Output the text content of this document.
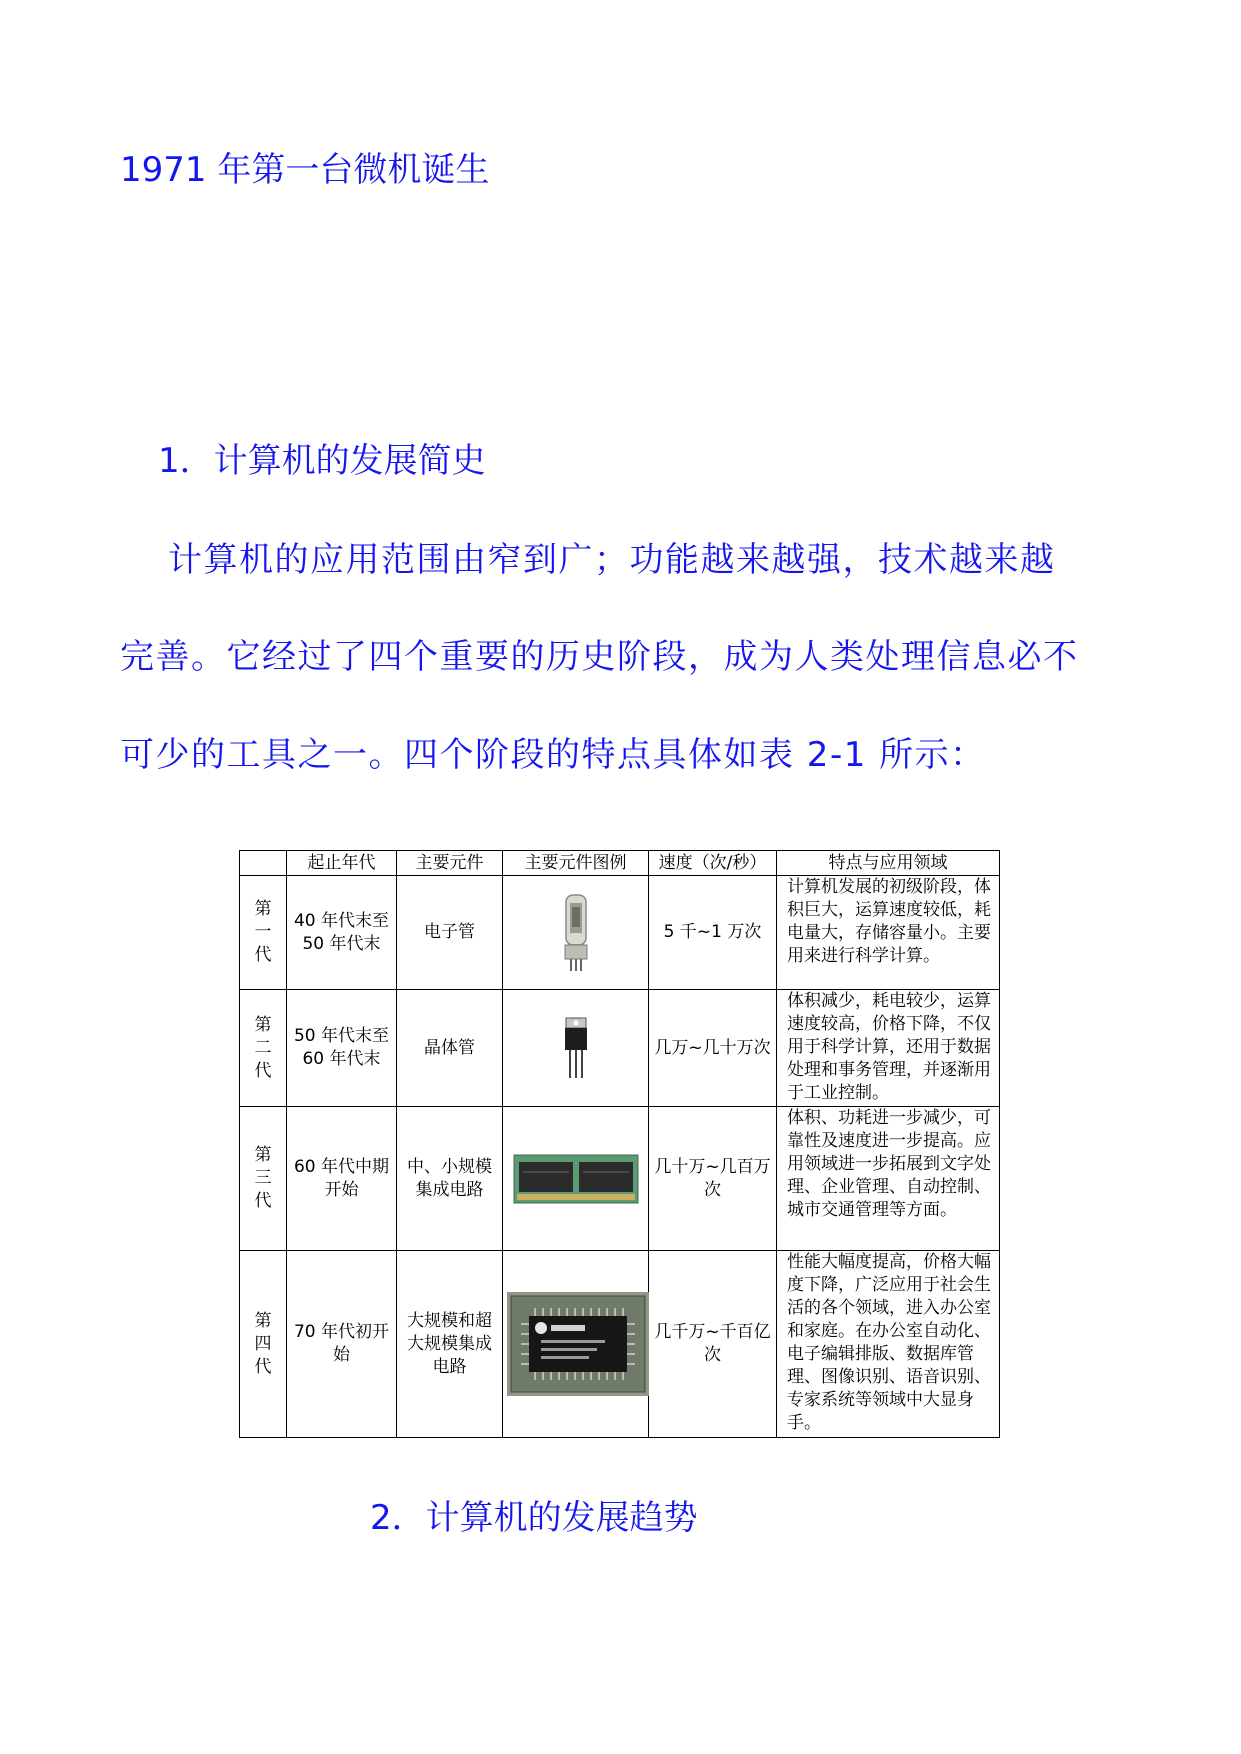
1971 年第一台微机诞生
1．计算机的发展简史
计算机的应用范围由窄到广；功能越来越强，技术越来越
完善。它经过了四个重要的历史阶段，成为人类处理信息必不
可少的工具之一。四个阶段的特点具体如表 2-1 所示：
	起止年代	主要元件	主要元件图例	速度（次/秒）	特点与应用领域

第一代	40 年代末至 50 年代末	电子管		5 千~1 万次	计算机发展的初级阶段，体积巨大，运算速度较低，耗电量大，存储容量小。主要用来进行科学计算。

第二代	50 年代末至 60 年代末	晶体管		几万~几十万次	体积减少，耗电较少，运算速度较高，价格下降，不仅用于科学计算，还用于数据处理和事务管理，并逐渐用于工业控制。

第三代	60 年代中期开始	中、小规模集成电路		几十万~几百万次	体积、功耗进一步减少，可靠性及速度进一步提高。应用领域进一步拓展到文字处理、企业管理、自动控制、城市交通管理等方面。

第四代	70 年代初开始	大规模和超大规模集成电路		几千万~千百亿次	性能大幅度提高，价格大幅度下降，广泛应用于社会生活的各个领域，进入办公室和家庭。在办公室自动化、电子编辑排版、数据库管理、图像识别、语音识别、专家系统等领域中大显身手。
2．计算机的发展趋势
